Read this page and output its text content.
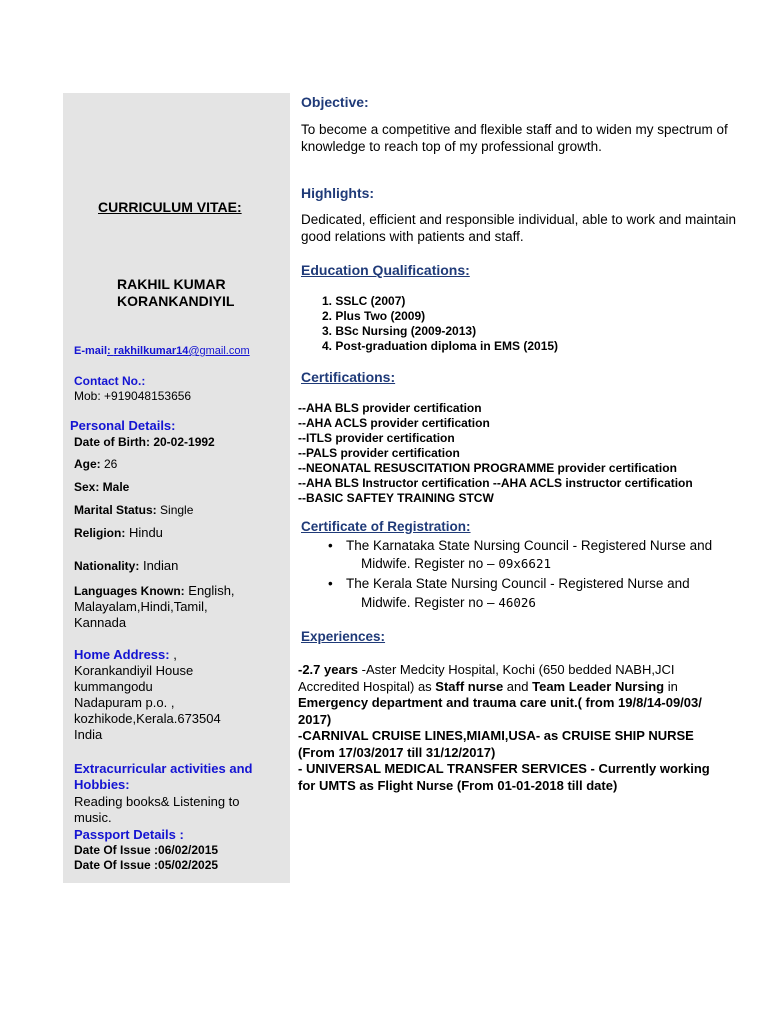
CURRICULUM VITAE:
RAKHIL KUMAR
KORANKANDIYIL
E-mail: rakhilkumar14@gmail.com
Contact No.:
Mob: +919048153656
Personal Details:
Date of Birth: 20-02-1992
Age: 26
Sex: Male
Marital Status: Single
Religion: Hindu
Nationality: Indian
Languages Known: English,
Malayalam,Hindi,Tamil,
Kannada
Home Address: ,
Korankandiyil House
kummangodu
Nadapuram p.o. ,
kozhikode,Kerala.673504
India
Extracurricular activities and
Hobbies:
Reading books& Listening to
music.
Passport Details :
Date Of Issue :06/02/2015
Date Of Issue :05/02/2025
Objective:
To become a competitive and flexible staff and to widen my spectrum of
knowledge to reach top of my professional growth.
Highlights:
Dedicated, efficient and responsible individual, able to work and maintain
good relations with patients and staff.
Education Qualifications:
1. SSLC (2007)
2. Plus Two (2009)
3. BSc Nursing (2009-2013)
4. Post-graduation diploma in EMS (2015)
Certifications:
--AHA BLS provider certification
--AHA ACLS provider certification
--ITLS provider certification
--PALS provider certification
--NEONATAL RESUSCITATION PROGRAMME provider certification
--AHA BLS Instructor certification --AHA ACLS instructor certification
--BASIC SAFTEY TRAINING STCW
Certificate of Registration:
• The Karnataka State Nursing Council - Registered Nurse and
Midwife. Register no – 09x6621
• The Kerala State Nursing Council - Registered Nurse and
Midwife. Register no – 46026
Experiences:
-2.7 years -Aster Medcity Hospital, Kochi (650 bedded NABH,JCI
Accredited Hospital) as Staff nurse and Team Leader Nursing in
Emergency department and trauma care unit.( from 19/8/14-09/03/
2017)
-CARNIVAL CRUISE LINES,MIAMI,USA- as CRUISE SHIP NURSE
(From 17/03/2017 till 31/12/2017)
- UNIVERSAL MEDICAL TRANSFER SERVICES - Currently working
for UMTS as Flight Nurse (From 01-01-2018 till date)
